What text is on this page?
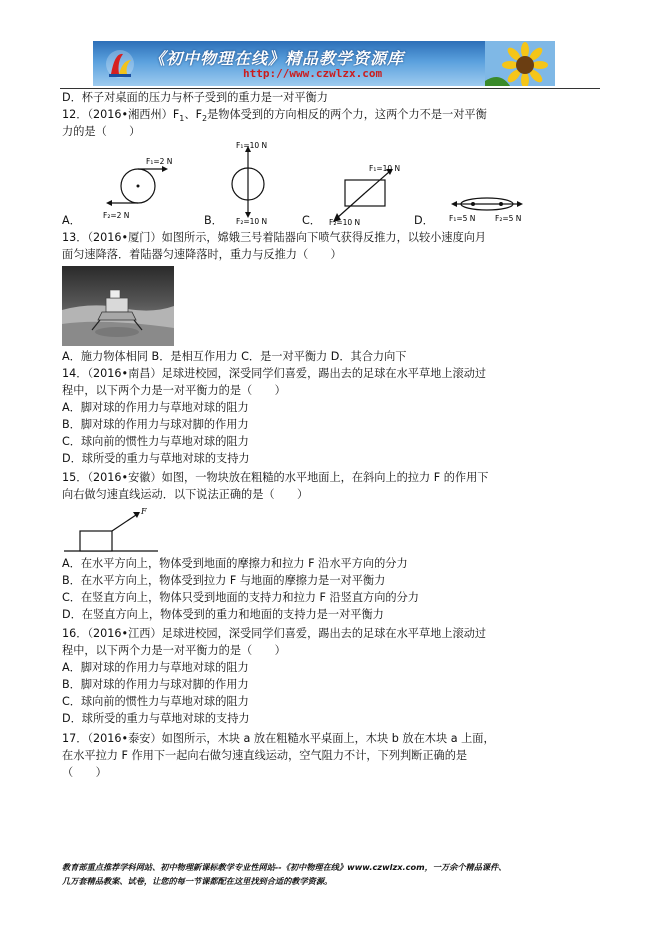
《初中物理在线》精品教学资源库
http://www.czwlzx.com
D．杯子对桌面的压力与杯子受到的重力是一对平衡力
12．（2016•湘西州）$F_1$、$F_2$是物体受到的方向相反的两个力，这两个力不是一对平衡
力的是（　　）
F₁=2 N
F₂=2 N
A．
F₁=10 N
F₂=10 N
B．
F₁=10 N
F₂=10 N
C．	F₁=5 N	F₂=5 N
D．
13．（2016•厦门）如图所示，嫦娥三号着陆器向下喷气获得反推力，以较小速度向月
面匀速降落．着陆器匀速降落时，重力与反推力（　　）
A．施力物体相同 B．是相互作用力 C．是一对平衡力 D．其合力向下
14．（2016•南昌）足球进校园，深受同学们喜爱，踢出去的足球在水平草地上滚动过
程中，以下两个力是一对平衡力的是（　　）
A．脚对球的作用力与草地对球的阻力
B．脚对球的作用力与球对脚的作用力
C．球向前的惯性力与草地对球的阻力
D．球所受的重力与草地对球的支持力
15．（2016•安徽）如图，一物块放在粗糙的水平地面上，在斜向上的拉力 F 的作用下
向右做匀速直线运动．以下说法正确的是（　　）
F
A．在水平方向上，物体受到地面的摩擦力和拉力 F 沿水平方向的分力
B．在水平方向上，物体受到拉力 F 与地面的摩擦力是一对平衡力
C．在竖直方向上，物体只受到地面的支持力和拉力 F 沿竖直方向的分力
D．在竖直方向上，物体受到的重力和地面的支持力是一对平衡力
16．（2016•江西）足球进校园，深受同学们喜爱，踢出去的足球在水平草地上滚动过
程中，以下两个力是一对平衡力的是（　　）
A．脚对球的作用力与草地对球的阻力
B．脚对球的作用力与球对脚的作用力
C．球向前的惯性力与草地对球的阻力
D．球所受的重力与草地对球的支持力
17．（2016•泰安）如图所示，木块 a 放在粗糙水平桌面上，木块 b 放在木块 a 上面，
在水平拉力 F 作用下一起向右做匀速直线运动，空气阻力不计，下列判断正确的是
（　　）
教育部重点推荐学科网站、初中物理新课标教学专业性网站--《初中物理在线》www.czwlzx.com，一万余个精品课件、
几万套精品教案、试卷，让您的每一节课都配在这里找到合适的教学资源。
